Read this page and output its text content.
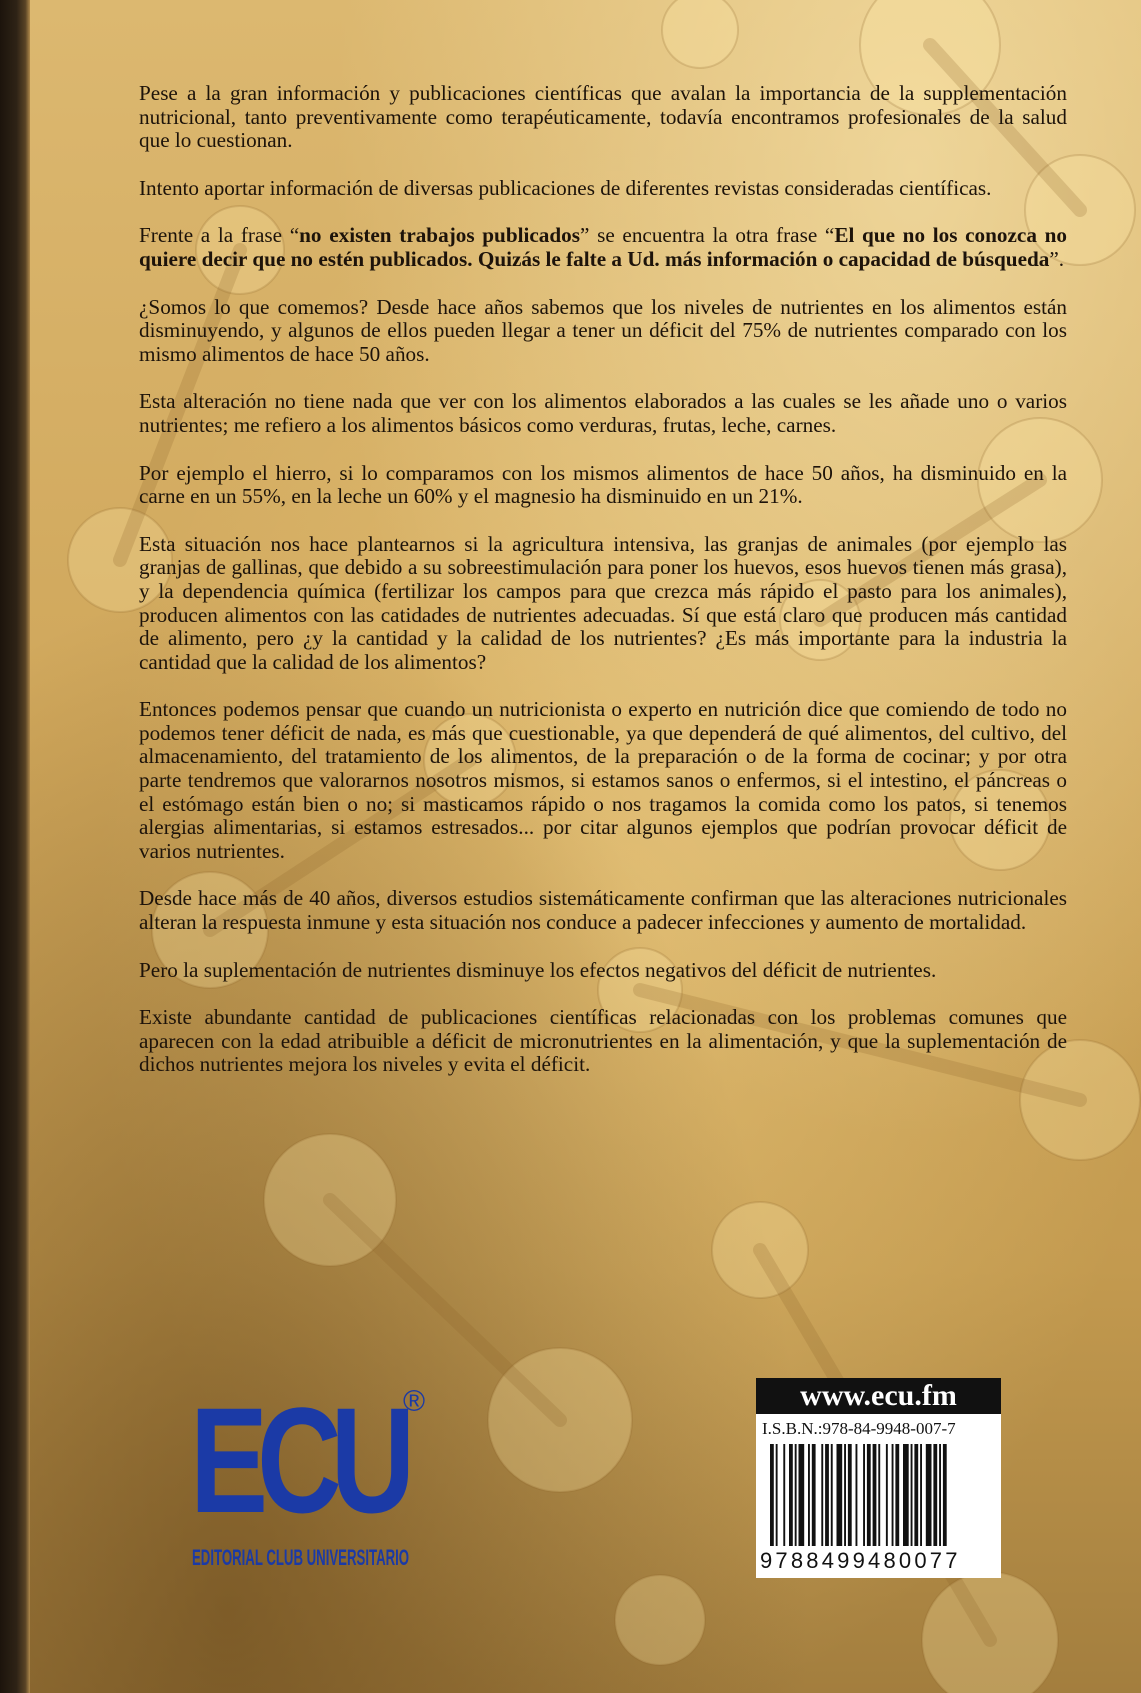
Pese a la gran información y publicaciones científicas que avalan la importancia de la supplementación nutricional, tanto preventivamente como terapéuticamente, todavía encontramos profesionales de la salud que lo cuestionan.

Intento aportar información de diversas publicaciones de diferentes revistas consideradas científicas.

Frente a la frase “no existen trabajos publicados” se encuentra la otra frase “El que no los conozca no quiere decir que no estén publicados. Quizás le falte a Ud. más información o capacidad de búsqueda”.

¿Somos lo que comemos? Desde hace años sabemos que los niveles de nutrientes en los alimentos están disminuyendo, y algunos de ellos pueden llegar a tener un déficit del 75% de nutrientes comparado con los mismo alimentos de hace 50 años.

Esta alteración no tiene nada que ver con los alimentos elaborados a las cuales se les añade uno o varios nutrientes; me refiero a los alimentos básicos como verduras, frutas, leche, carnes.

Por ejemplo el hierro, si lo comparamos con los mismos alimentos de hace 50 años, ha disminuido en la carne en un 55%, en la leche un 60% y el magnesio ha disminuido en un 21%.

Esta situación nos hace plantearnos si la agricultura intensiva, las granjas de animales (por ejemplo las granjas de gallinas, que debido a su sobreestimulación para poner los huevos, esos huevos tienen más grasa), y la dependencia química (fertilizar los campos para que crezca más rápido el pasto para los animales), producen alimentos con las catidades de nutrientes adecuadas. Sí que está claro que producen más cantidad de alimento, pero ¿y la cantidad y la calidad de los nutrientes? ¿Es más importante para la industria la cantidad que la calidad de los alimentos?

Entonces podemos pensar que cuando un nutricionista o experto en nutrición dice que comiendo de todo no podemos tener déficit de nada, es más que cuestionable, ya que dependerá de qué alimentos, del cultivo, del almacenamiento, del tratamiento de los alimentos, de la preparación o de la forma de cocinar; y por otra parte tendremos que valorarnos nosotros mismos, si estamos sanos o enfermos, si el intestino, el páncreas o el estómago están bien o no; si masticamos rápido o nos tragamos la comida como los patos, si tenemos alergias alimentarias, si estamos estresados... por citar algunos ejemplos que podrían provocar déficit de varios nutrientes.

Desde hace más de 40 años, diversos estudios sistemáticamente confirman que las alteraciones nutricionales alteran la respuesta inmune y esta situación nos conduce a padecer infecciones y aumento de mortalidad.

Pero la suplementación de nutrientes disminuye los efectos negativos del déficit de nutrientes.

Existe abundante cantidad de publicaciones científicas relacionadas con los problemas comunes que aparecen con la edad atribuible a déficit de micronutrientes en la alimentación, y que la suplementación de dichos nutrientes mejora los niveles y evita el déficit.

ECU
®
EDITORIAL CLUB UNIVERSITARIO
www.ecu.fm
I.S.B.N.:978-84-9948-007-7
9788499480077
